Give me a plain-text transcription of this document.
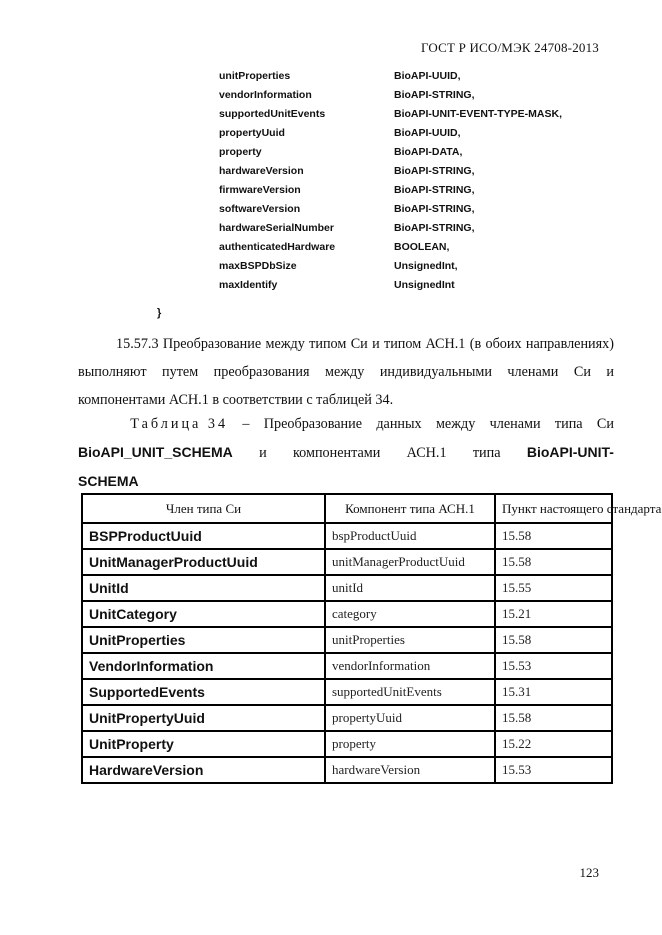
ГОСТ Р ИСО/МЭК 24708-2013
unitProperties	BioAPI-UUID,
vendorInformation	BioAPI-STRING,
supportedUnitEvents	BioAPI-UNIT-EVENT-TYPE-MASK,
propertyUuid	BioAPI-UUID,
property	BioAPI-DATA,
hardwareVersion	BioAPI-STRING,
firmwareVersion	BioAPI-STRING,
softwareVersion	BioAPI-STRING,
hardwareSerialNumber	BioAPI-STRING,
authenticatedHardware	BOOLEAN,
maxBSPDbSize	UnsignedInt,
maxIdentify	UnsignedInt
}
15.57.3 Преобразование между типом Си и типом АСН.1 (в обоих направлениях) выполняют путем преобразования между индивидуальными членами Си и компонентами АСН.1 в соответствии с таблицей 34.
Таблица 34 – Преобразование данных между членами типа Си
BioAPI_UNIT_SCHEMA и компонентами АСН.1 типа BioAPI-UNIT-
SCHEMA
Член типа Си	Компонент типа АСН.1	Пункт настоящего стандарта
BSPProductUuid	bspProductUuid	15.58
UnitManagerProductUuid	unitManagerProductUuid	15.58
UnitId	unitId	15.55
UnitCategory	category	15.21
UnitProperties	unitProperties	15.58
VendorInformation	vendorInformation	15.53
SupportedEvents	supportedUnitEvents	15.31
UnitPropertyUuid	propertyUuid	15.58
UnitProperty	property	15.22
HardwareVersion	hardwareVersion	15.53
123
